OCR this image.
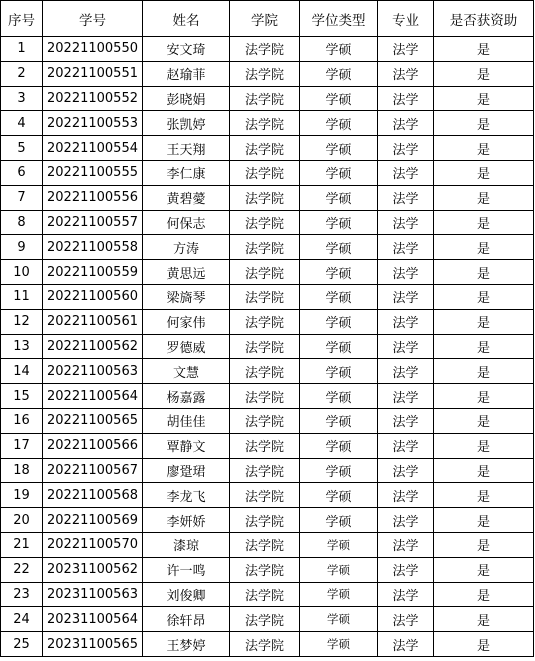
序号	学号	姓名	学院	学位类型	专业	是否获资助
1	20221100550	安文琦	法学院	学硕	法学	是
2	20221100551	赵瑜菲	法学院	学硕	法学	是
3	20221100552	彭晓娟	法学院	学硕	法学	是
4	20221100553	张凯婷	法学院	学硕	法学	是
5	20221100554	王天翔	法学院	学硕	法学	是
6	20221100555	李仁康	法学院	学硕	法学	是
7	20221100556	黄碧薆	法学院	学硕	法学	是
8	20221100557	何保志	法学院	学硕	法学	是
9	20221100558	方涛	法学院	学硕	法学	是
10	20221100559	黄思远	法学院	学硕	法学	是
11	20221100560	梁旖琴	法学院	学硕	法学	是
12	20221100561	何家伟	法学院	学硕	法学	是
13	20221100562	罗德威	法学院	学硕	法学	是
14	20221100563	文慧	法学院	学硕	法学	是
15	20221100564	杨嘉露	法学院	学硕	法学	是
16	20221100565	胡佳佳	法学院	学硕	法学	是
17	20221100566	覃静文	法学院	学硕	法学	是
18	20221100567	廖跫珺	法学院	学硕	法学	是
19	20221100568	李龙飞	法学院	学硕	法学	是
20	20221100569	李妍娇	法学院	学硕	法学	是
21	20221100570	漆琼	法学院	学硕	法学	是
22	20231100562	许一鸣	法学院	学硕	法学	是
23	20231100563	刘俊卿	法学院	学硕	法学	是
24	20231100564	徐轩昂	法学院	学硕	法学	是
25	20231100565	王梦婷	法学院	学硕	法学	是
